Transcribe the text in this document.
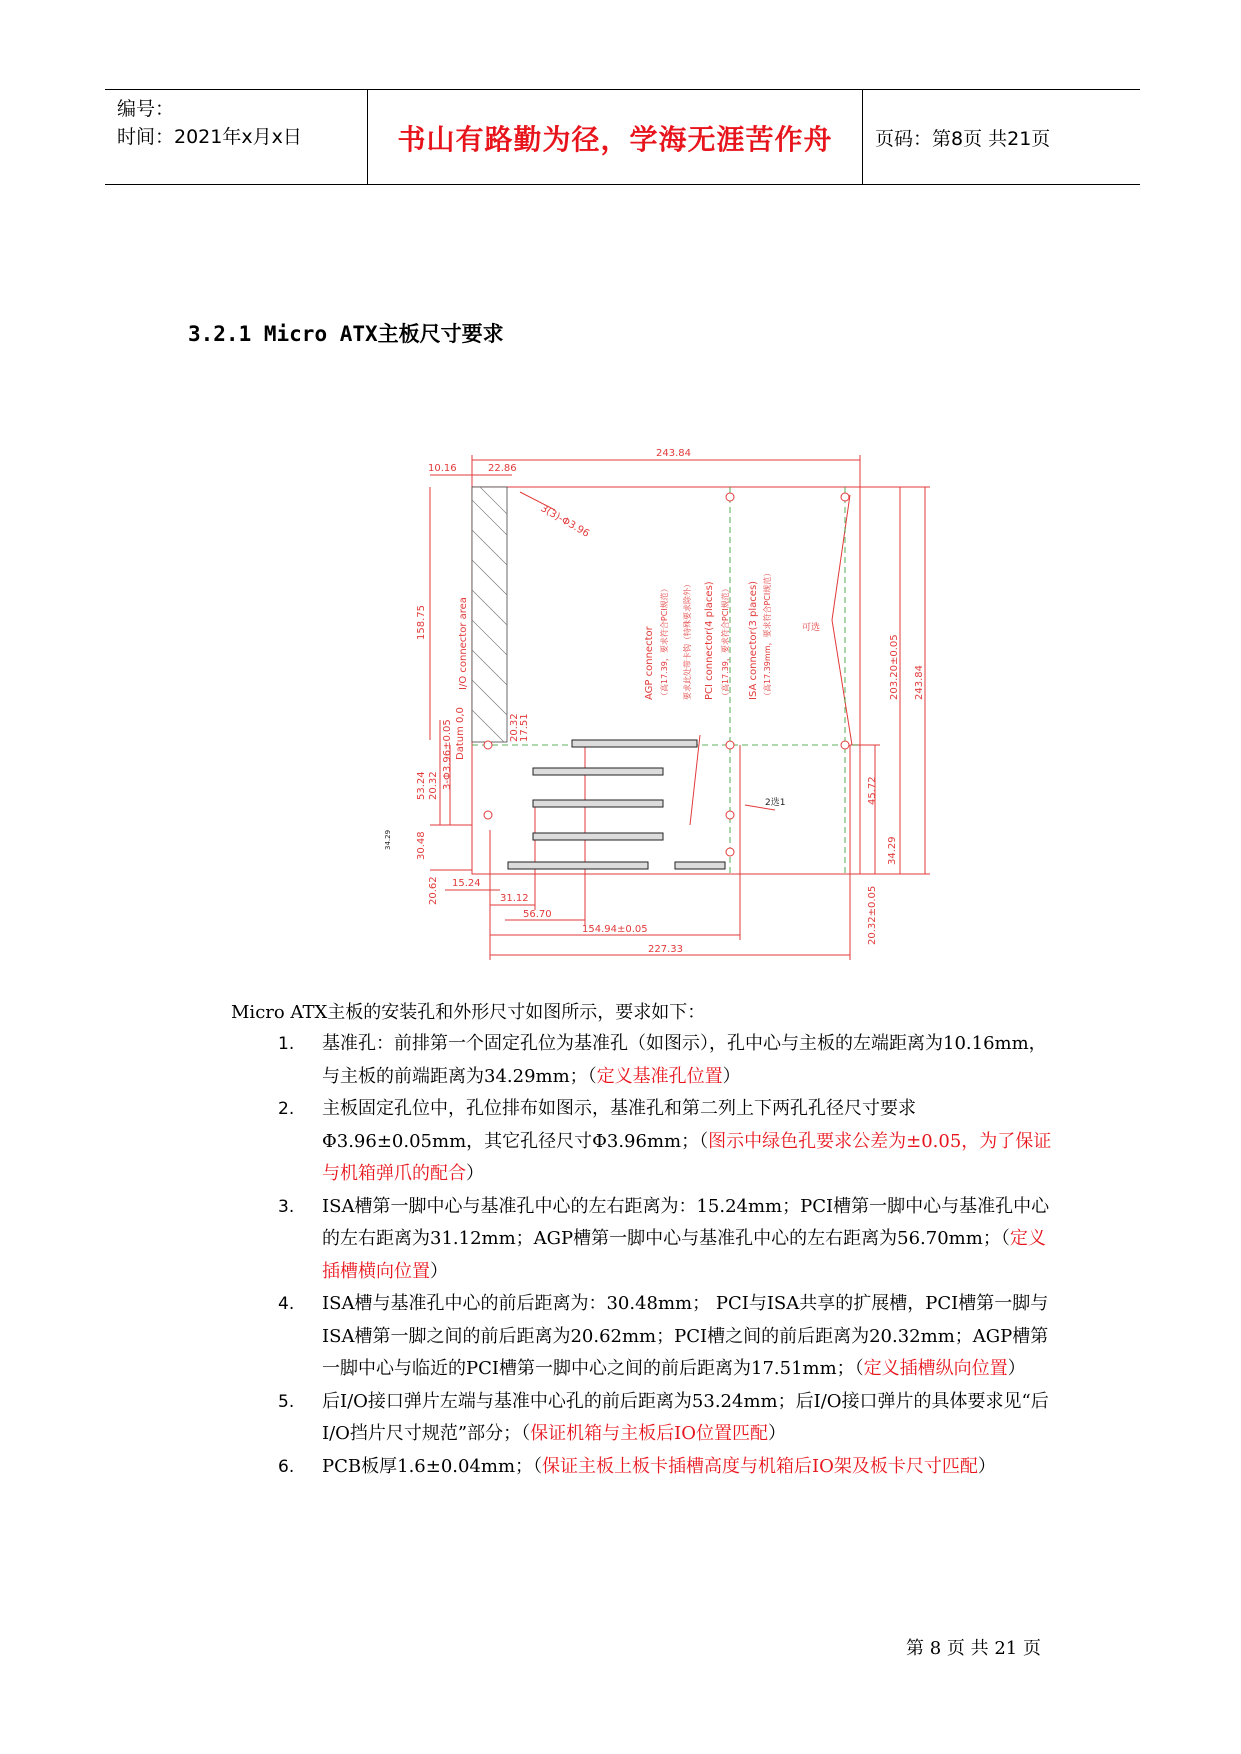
编号：
时间：2021年x月x日	书山有路勤为径，学海无涯苦作舟	页码：第8页 共21页
3.2.1 Micro ATX主板尺寸要求
243.84
10.16	22.86
3(3)-Φ3.96
I/O connector area
158.75
AGP connector （高17.39，要求符合PCI规范） 要求此处带卡钩（特殊要求除外） PCI connector(4 places) （高17.39，要求符合PCI规范） ISA connector(3 places) （高17.39mm，要求符合PCI规范）	可选
203.20±0.05 243.84
20.32 17.51
3-Φ3.96±0.05 Datum 0,0
53.24 20.32	45.72
2选1
30.48
34.29	34.29
20.62 15.24
31.12
56.70
154.94±0.05
227.33
20.32±0.05
Micro ATX主板的安装孔和外形尺寸如图所示，要求如下：
1. 基准孔：前排第一个固定孔位为基准孔（如图示），孔中心与主板的左端距离为10.16mm，与主板的前端距离为34.29mm；（定义基准孔位置）
2. 主板固定孔位中，孔位排布如图示，基准孔和第二列上下两孔孔径尺寸要求Φ3.96±0.05mm，其它孔径尺寸Φ3.96mm；（图示中绿色孔要求公差为±0.05，为了保证与机箱弹爪的配合）
3. ISA槽第一脚中心与基准孔中心的左右距离为：15.24mm；PCI槽第一脚中心与基准孔中心的左右距离为31.12mm；AGP槽第一脚中心与基准孔中心的左右距离为56.70mm；（定义插槽横向位置）
4. ISA槽与基准孔中心的前后距离为：30.48mm； PCI与ISA共享的扩展槽，PCI槽第一脚与ISA槽第一脚之间的前后距离为20.62mm；PCI槽之间的前后距离为20.32mm；AGP槽第一脚中心与临近的PCI槽第一脚中心之间的前后距离为17.51mm；（定义插槽纵向位置）
5. 后I/O接口弹片左端与基准中心孔的前后距离为53.24mm；后I/O接口弹片的具体要求见“后I/O挡片尺寸规范”部分；（保证机箱与主板后IO位置匹配）
6. PCB板厚1.6±0.04mm；（保证主板上板卡插槽高度与机箱后IO架及板卡尺寸匹配）
第 8 页 共 21 页
